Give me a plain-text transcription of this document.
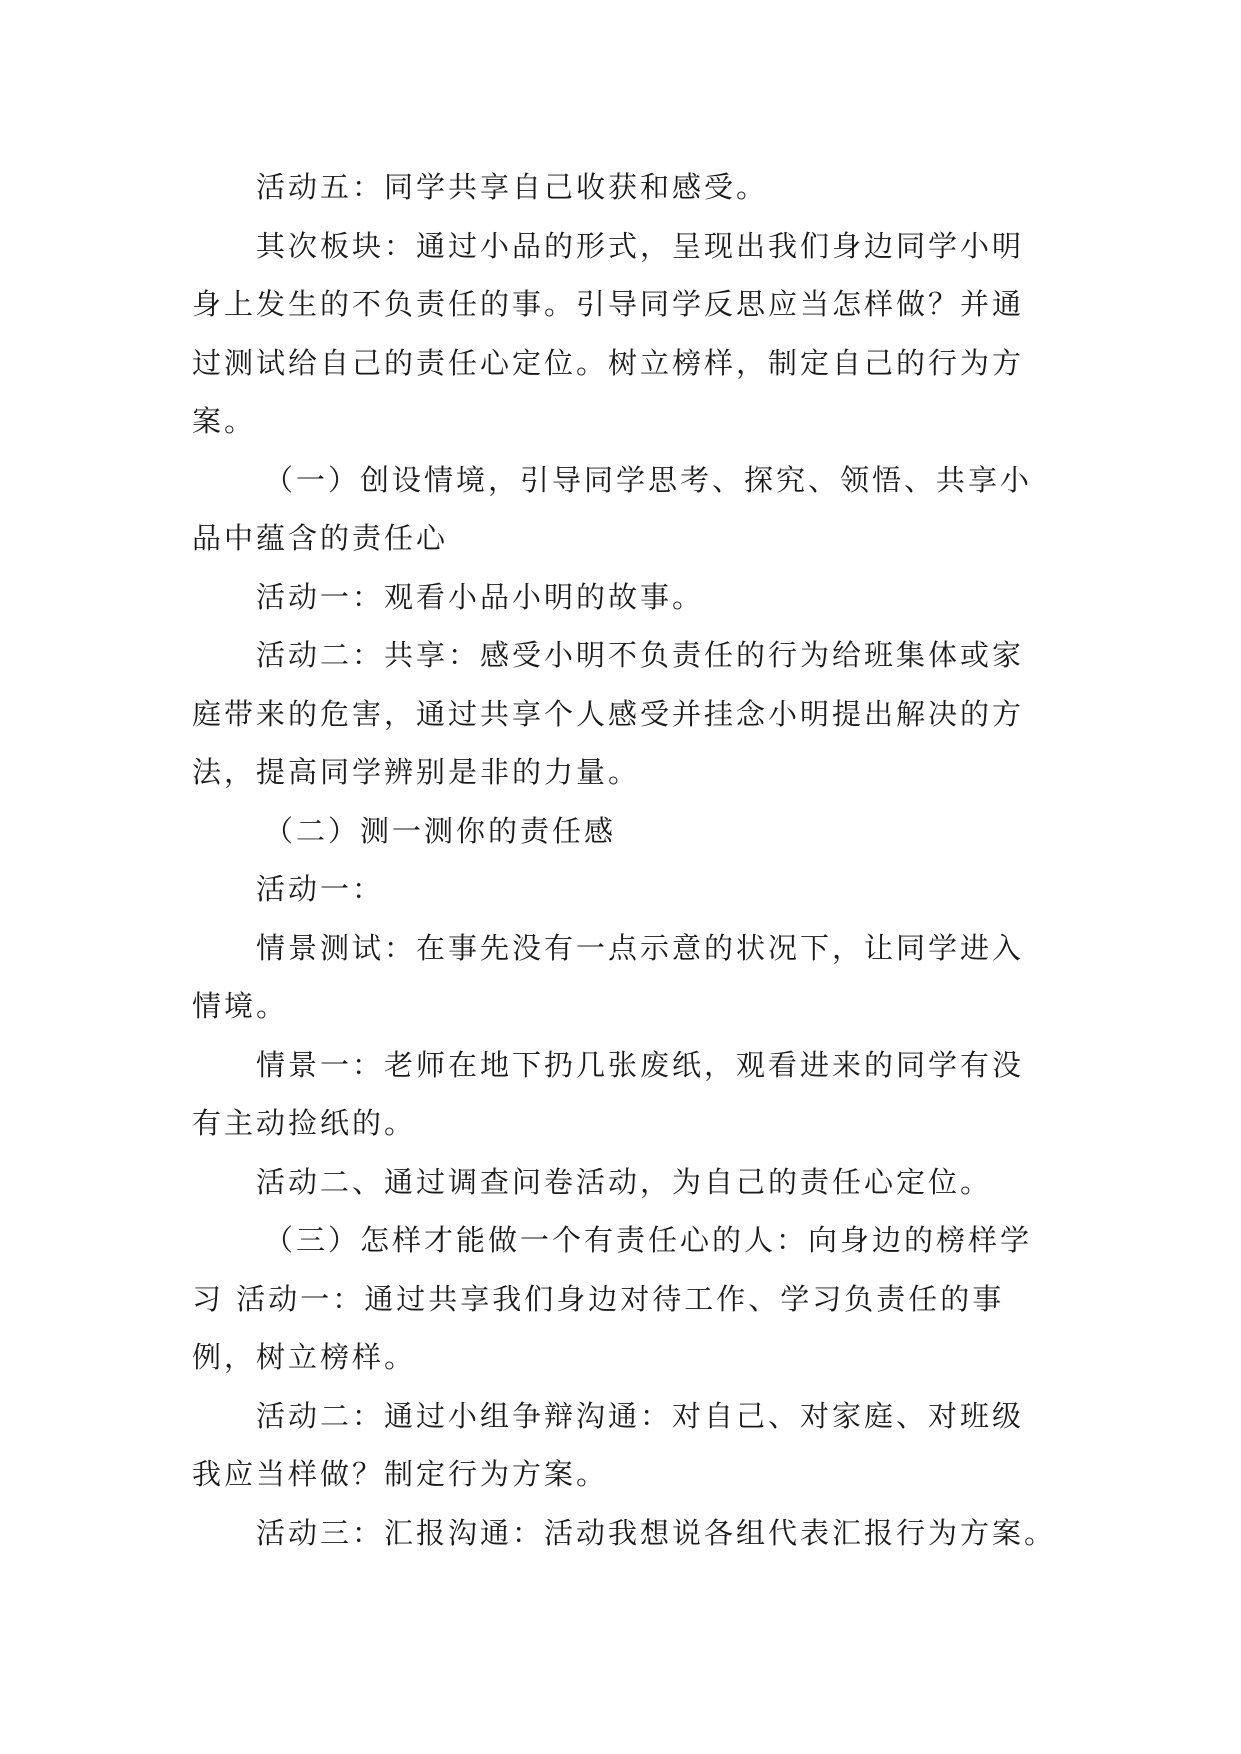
活动五：同学共享自己收获和感受。
其次板块：通过小品的形式，呈现出我们身边同学小明
身上发生的不负责任的事。引导同学反思应当怎样做？并通
过测试给自己的责任心定位。树立榜样，制定自己的行为方
案。
（一）创设情境，引导同学思考、探究、领悟、共享小
品中蕴含的责任心
活动一：观看小品小明的故事。
活动二：共享：感受小明不负责任的行为给班集体或家
庭带来的危害，通过共享个人感受并挂念小明提出解决的方
法，提高同学辨别是非的力量。
（二）测一测你的责任感
活动一：
情景测试：在事先没有一点示意的状况下，让同学进入
情境。
情景一：老师在地下扔几张废纸，观看进来的同学有没
有主动捡纸的。
活动二、通过调查问卷活动，为自己的责任心定位。
（三）怎样才能做一个有责任心的人：向身边的榜样学
习 活动一：通过共享我们身边对待工作、学习负责任的事
例，树立榜样。
活动二：通过小组争辩沟通：对自己、对家庭、对班级
我应当样做？制定行为方案。
活动三：汇报沟通：活动我想说各组代表汇报行为方案。
